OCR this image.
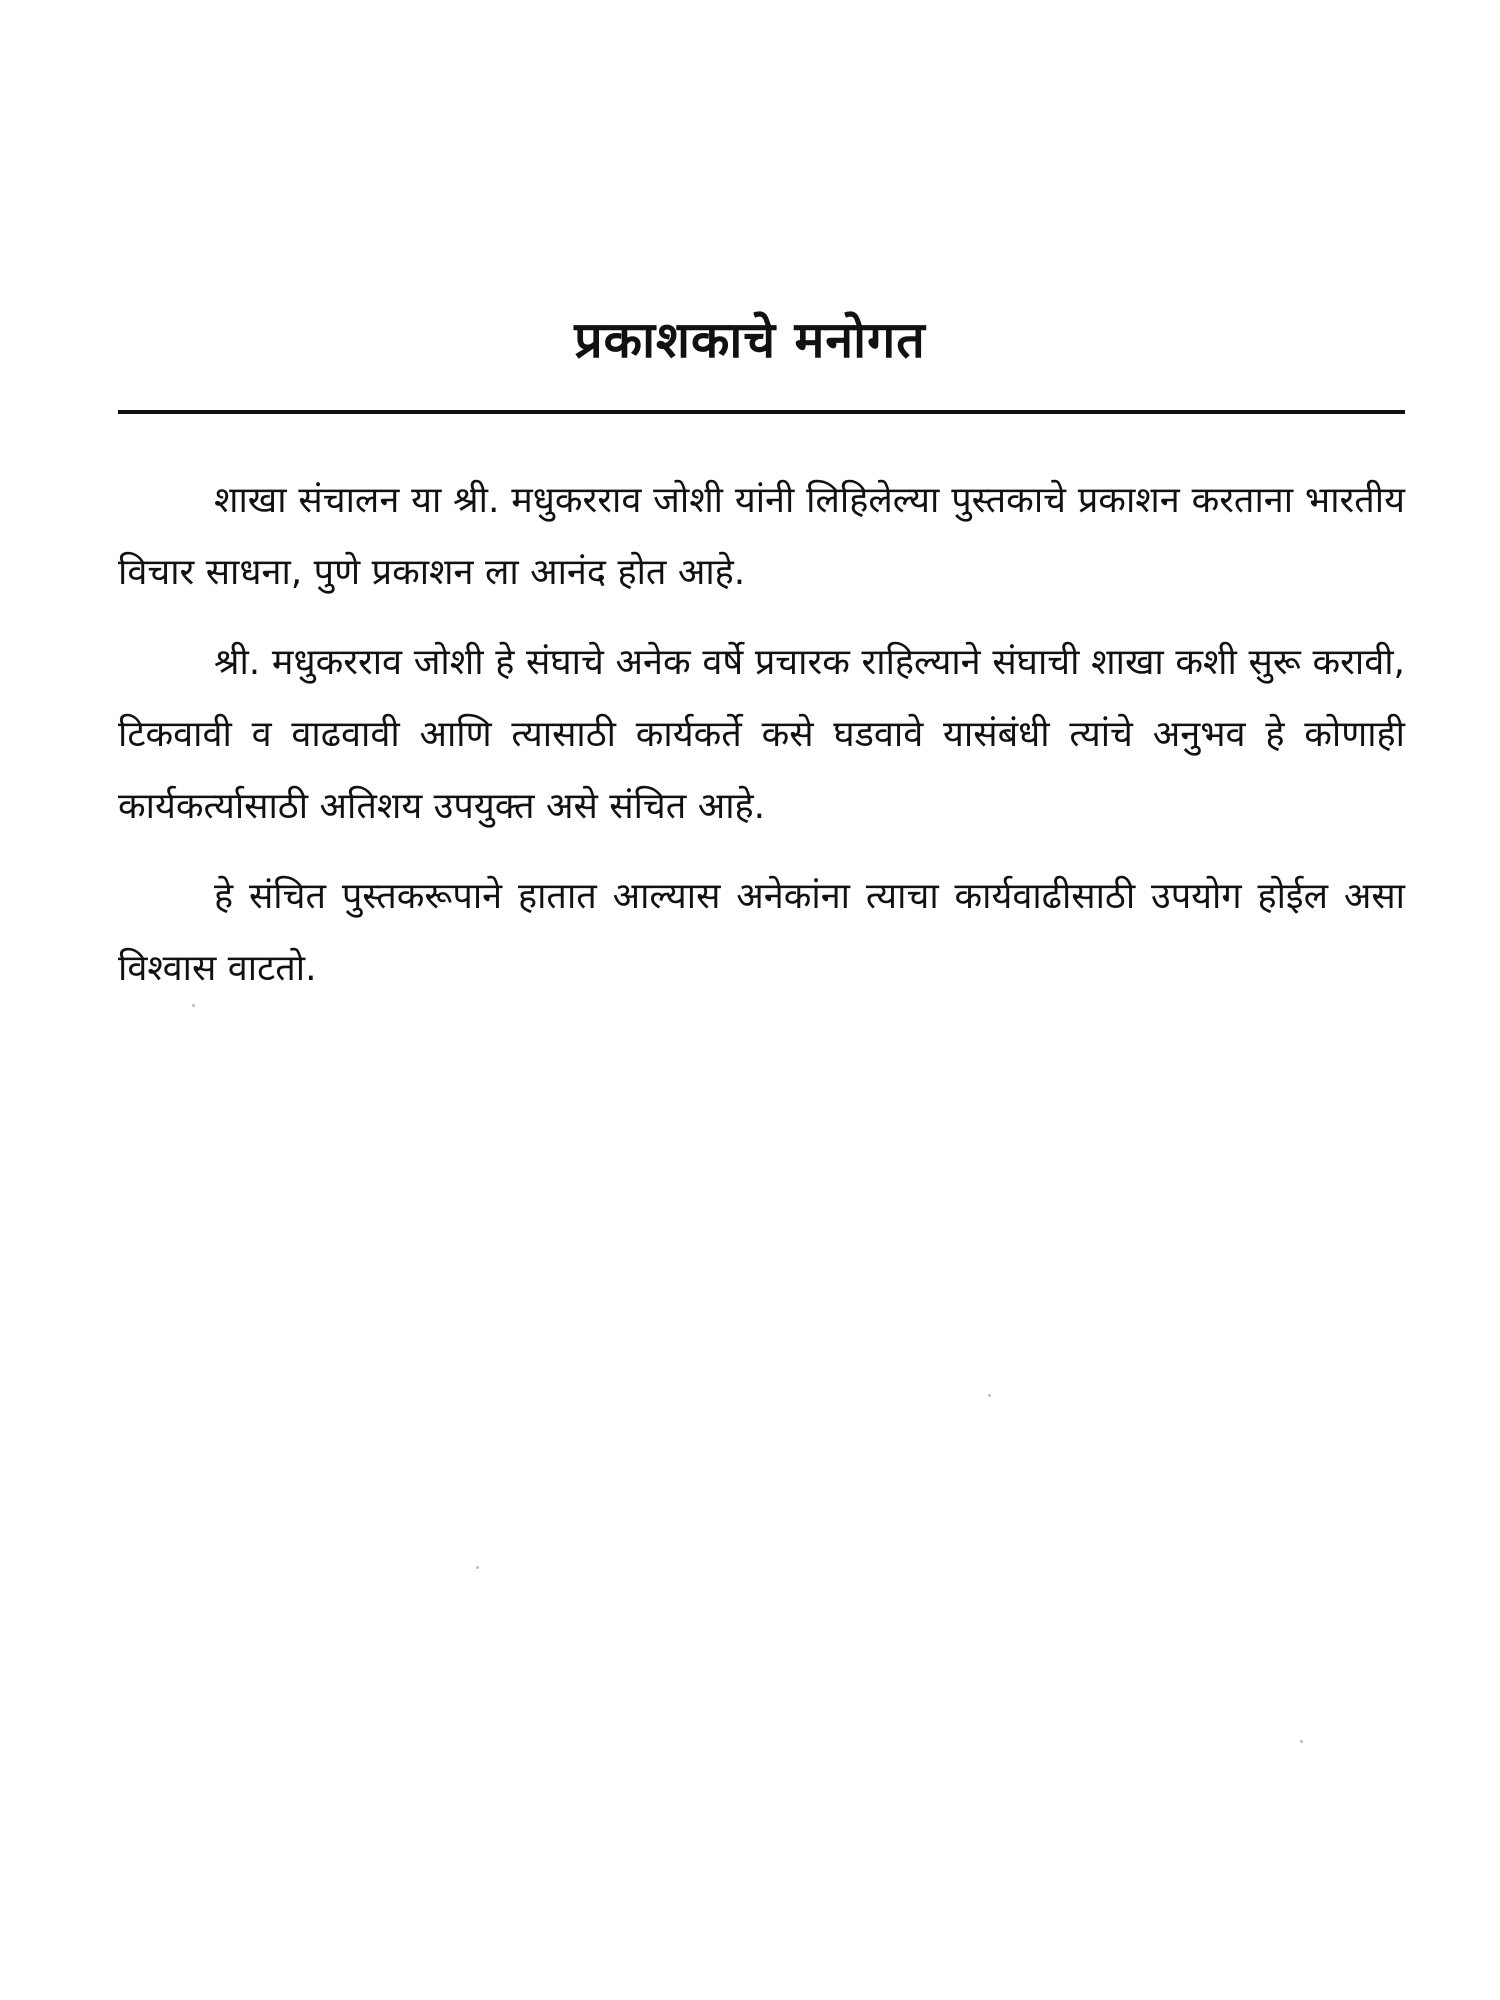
प्रकाशकाचे मनोगत

शाखा संचालन या श्री. मधुकरराव जोशी यांनी लिहिलेल्या पुस्तकाचे प्रकाशन करताना भारतीय विचार साधना, पुणे प्रकाशन ला आनंद होत आहे.

श्री. मधुकरराव जोशी हे संघाचे अनेक वर्षे प्रचारक राहिल्याने संघाची शाखा कशी सुरू करावी, टिकवावी व वाढवावी आणि त्यासाठी कार्यकर्ते कसे घडवावे यासंबंधी त्यांचे अनुभव हे कोणाही कार्यकर्त्यासाठी अतिशय उपयुक्त असे संचित आहे.

हे संचित पुस्तकरूपाने हातात आल्यास अनेकांना त्याचा कार्यवाढीसाठी उपयोग होईल असा विश्वास वाटतो.
